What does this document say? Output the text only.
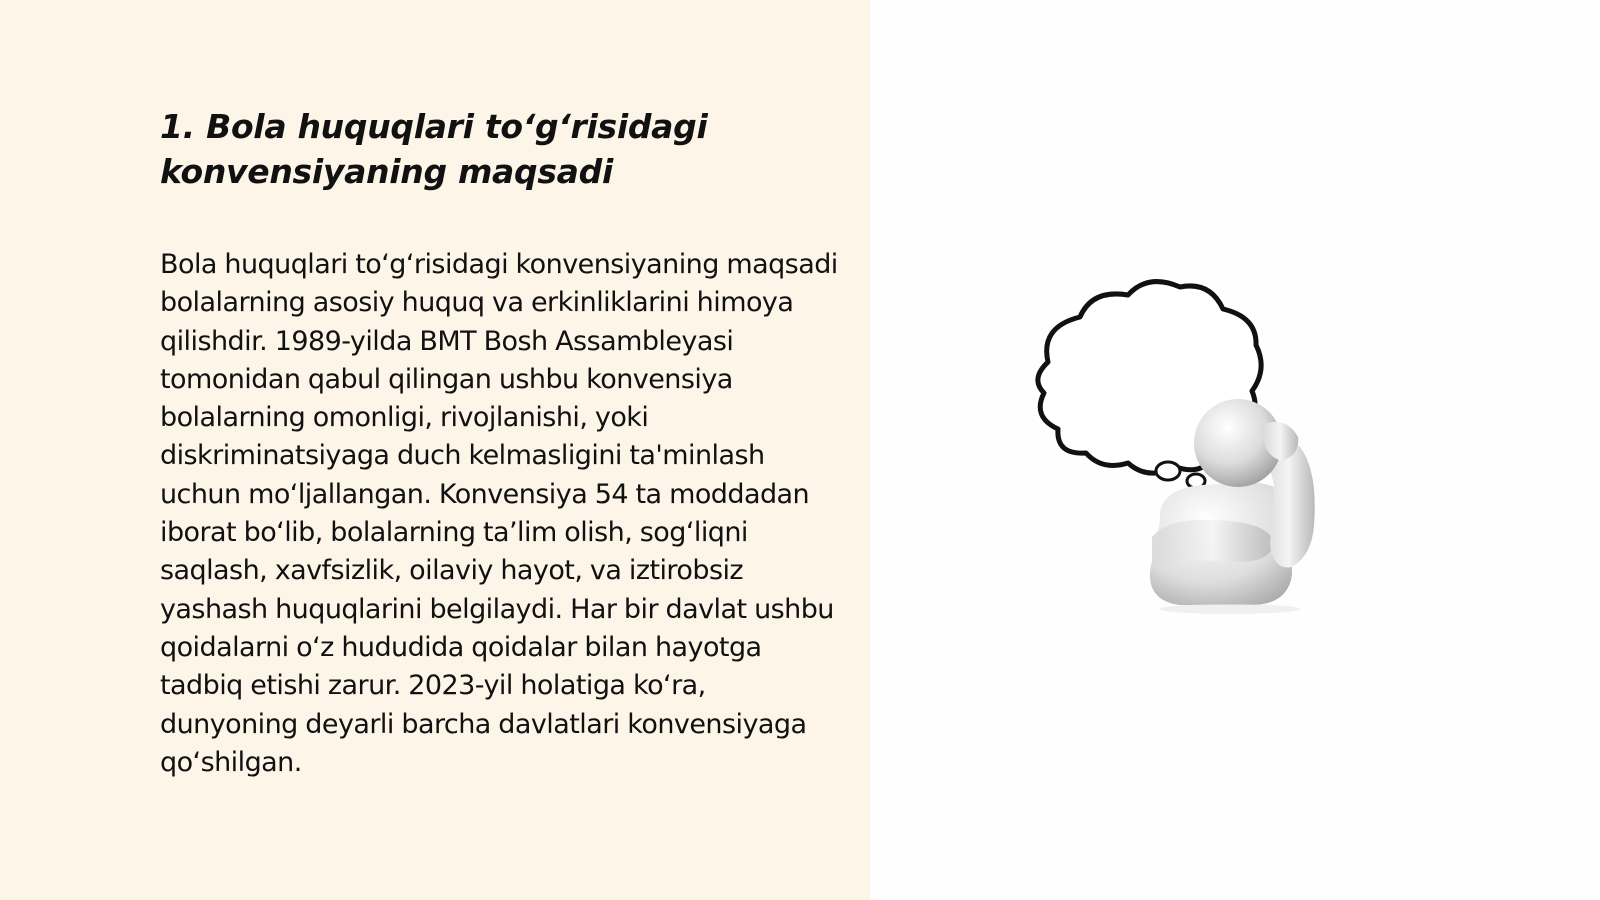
1. Bola huquqlari to‘g‘risidagi konvensiyaning maqsadi

Bola huquqlari to‘g‘risidagi konvensiyaning maqsadi bolalarning asosiy huquq va erkinliklarini himoya qilishdir. 1989-yilda BMT Bosh Assambleyasi tomonidan qabul qilingan ushbu konvensiya bolalarning omonligi, rivojlanishi, yoki diskriminatsiyaga duch kelmasligini ta'minlash uchun mo‘ljallangan. Konvensiya 54 ta moddadan iborat bo‘lib, bolalarning ta’lim olish, sog‘liqni saqlash, xavfsizlik, oilaviy hayot, va iztirobsiz yashash huquqlarini belgilaydi. Har bir davlat ushbu qoidalarni o‘z hududida qoidalar bilan hayotga tadbiq etishi zarur. 2023-yil holatiga ko‘ra, dunyoning deyarli barcha davlatlari konvensiyaga qo‘shilgan.
